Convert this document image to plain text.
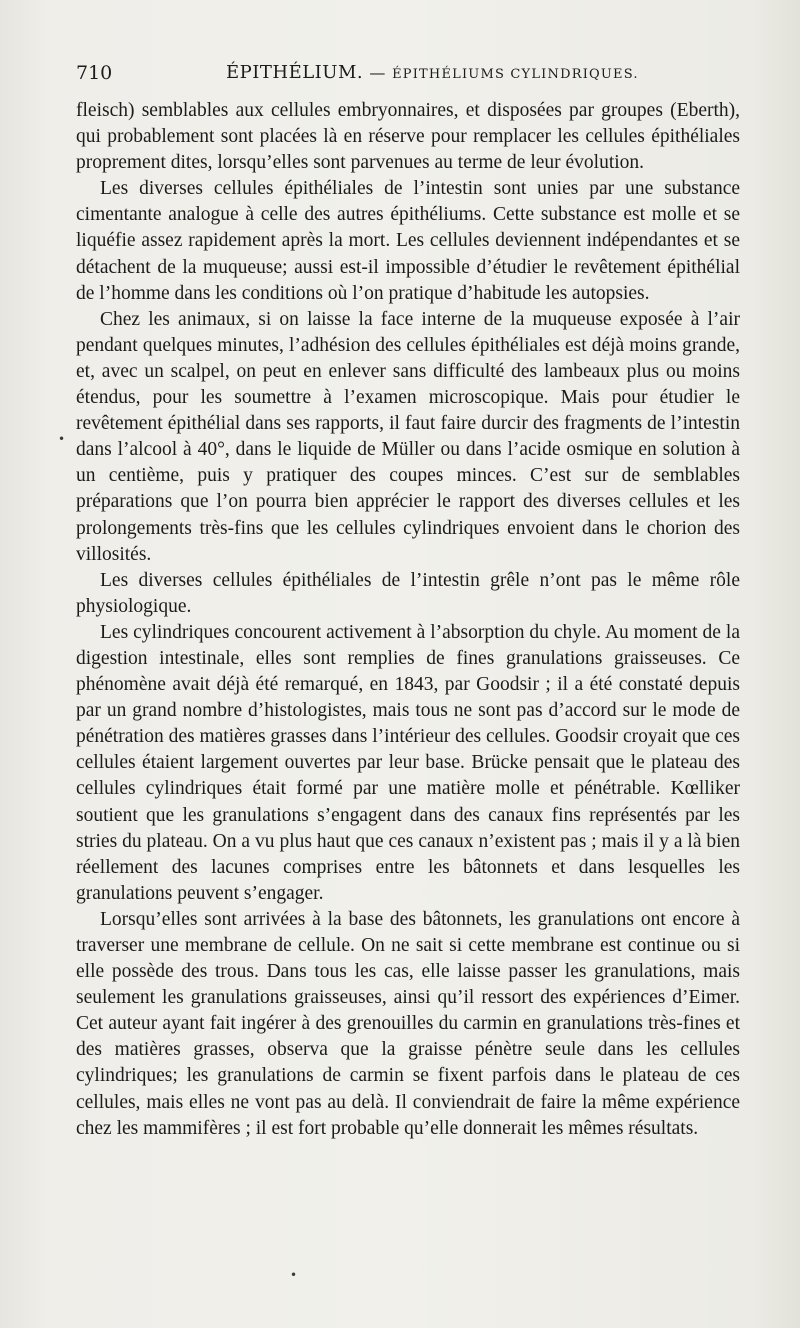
710	ÉPITHÉLIUM. — ÉPITHÉLIUMS CYLINDRIQUES.

fleisch) semblables aux cellules embryonnaires, et disposées par groupes (Eberth), qui probablement sont placées là en réserve pour remplacer les cellules épithéliales proprement dites, lorsqu’elles sont parvenues au terme de leur évolution.

Les diverses cellules épithéliales de l’intestin sont unies par une substance cimentante analogue à celle des autres épithéliums. Cette substance est molle et se liquéfie assez rapidement après la mort. Les cellules deviennent indépendantes et se détachent de la muqueuse; aussi est-il impossible d’étudier le revêtement épithélial de l’homme dans les conditions où l’on pratique d’habitude les autopsies.

Chez les animaux, si on laisse la face interne de la muqueuse exposée à l’air pendant quelques minutes, l’adhésion des cellules épithéliales est déjà moins grande, et, avec un scalpel, on peut en enlever sans difficulté des lambeaux plus ou moins étendus, pour les soumettre à l’examen microscopique. Mais pour étudier le revêtement épithélial dans ses rapports, il faut faire durcir des fragments de l’intestin dans l’alcool à 40°, dans le liquide de Müller ou dans l’acide osmique en solution à un centième, puis y pratiquer des coupes minces. C’est sur de semblables préparations que l’on pourra bien apprécier le rapport des diverses cellules et les prolongements très-fins que les cellules cylindriques envoient dans le chorion des villosités.

Les diverses cellules épithéliales de l’intestin grêle n’ont pas le même rôle physiologique.

Les cylindriques concourent activement à l’absorption du chyle. Au moment de la digestion intestinale, elles sont remplies de fines granulations graisseuses. Ce phénomène avait déjà été remarqué, en 1843, par Goodsir ; il a été constaté depuis par un grand nombre d’histologistes, mais tous ne sont pas d’accord sur le mode de pénétration des matières grasses dans l’intérieur des cellules. Goodsir croyait que ces cellules étaient largement ouvertes par leur base. Brücke pensait que le plateau des cellules cylindriques était formé par une matière molle et pénétrable. Kœlliker soutient que les granulations s’engagent dans des canaux fins représentés par les stries du plateau. On a vu plus haut que ces canaux n’existent pas ; mais il y a là bien réellement des lacunes comprises entre les bâtonnets et dans lesquelles les granulations peuvent s’engager.

Lorsqu’elles sont arrivées à la base des bâtonnets, les granulations ont encore à traverser une membrane de cellule. On ne sait si cette membrane est continue ou si elle possède des trous. Dans tous les cas, elle laisse passer les granulations, mais seulement les granulations graisseuses, ainsi qu’il ressort des expériences d’Eimer. Cet auteur ayant fait ingérer à des grenouilles du carmin en granulations très-fines et des matières grasses, observa que la graisse pénètre seule dans les cellules cylindriques; les granulations de carmin se fixent parfois dans le plateau de ces cellules, mais elles ne vont pas au delà. Il conviendrait de faire la même expérience chez les mammifères ; il est fort probable qu’elle donnerait les mêmes résultats.

•
•
